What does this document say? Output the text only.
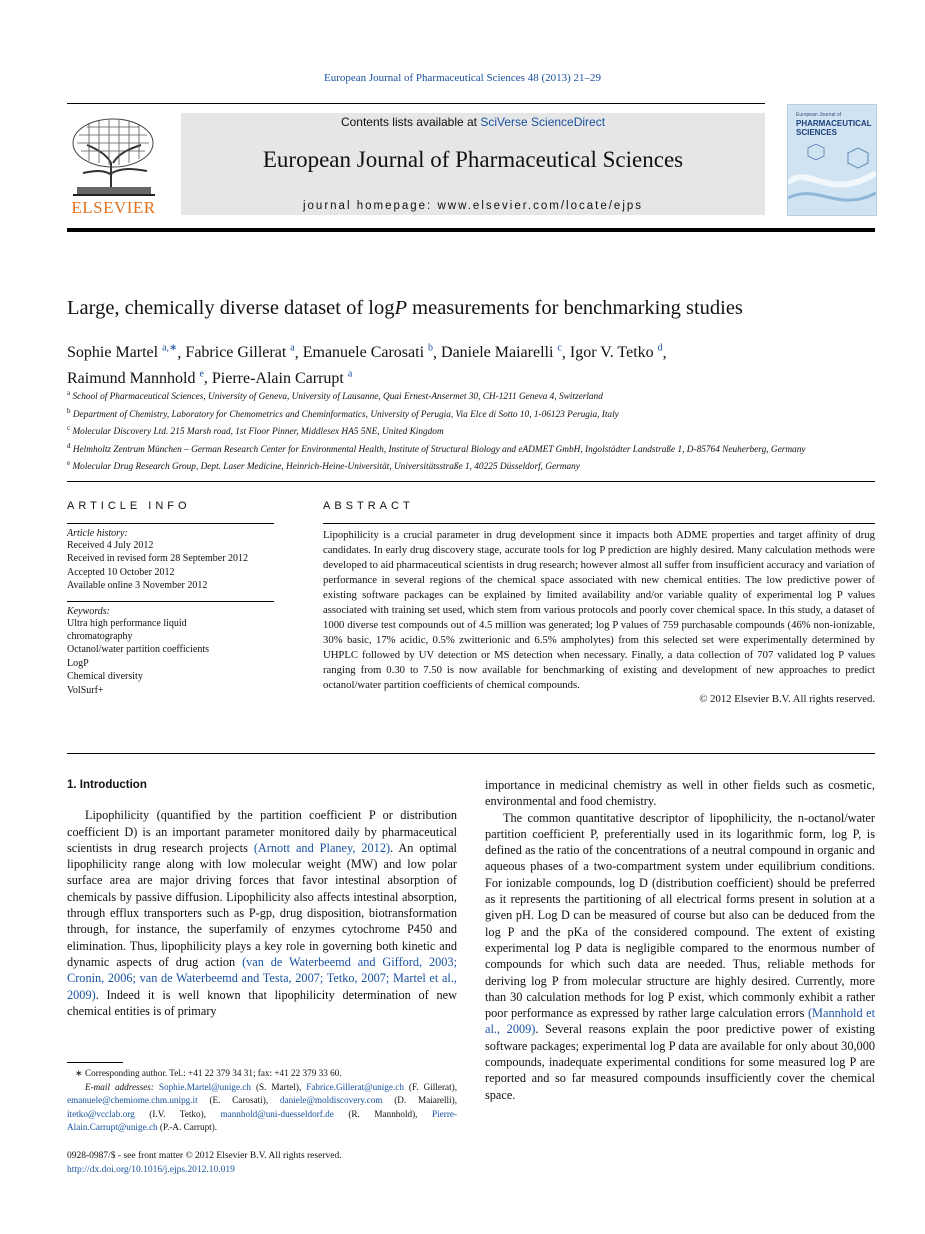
European Journal of Pharmaceutical Sciences 48 (2013) 21–29
ELSEVIER
Contents lists available at SciVerse ScienceDirect
European Journal of Pharmaceutical Sciences
journal homepage: www.elsevier.com/locate/ejps
European Journal of
PHARMACEUTICAL SCIENCES
Large, chemically diverse dataset of logP measurements for benchmarking studies
Sophie Martel $^{a,∗}$, Fabrice Gillerat $^a$, Emanuele Carosati $^b$, Daniele Maiarelli $^c$, Igor V. Tetko $^d$,
Raimund Mannhold $^e$, Pierre-Alain Carrupt $^a$
$^a$ School of Pharmaceutical Sciences, University of Geneva, University of Lausanne, Quai Ernest-Ansermet 30, CH-1211 Geneva 4, Switzerland
$^b$ Department of Chemistry, Laboratory for Chemometrics and Cheminformatics, University of Perugia, Via Elce di Sotto 10, 1-06123 Perugia, Italy
$^c$ Molecular Discovery Ltd. 215 Marsh road, 1st Floor Pinner, Middlesex HA5 5NE, United Kingdom
$^d$ Helmholtz Zentrum München – German Research Center for Environmental Health, Institute of Structural Biology and eADMET GmbH, Ingolstädter Landstraße 1, D-85764 Neuherberg, Germany
$^e$ Molecular Drug Research Group, Dept. Laser Medicine, Heinrich-Heine-Universität, Universitätsstraße 1, 40225 Düsseldorf, Germany
ARTICLE INFO
Article history:
Received 4 July 2012
Received in revised form 28 September 2012
Accepted 10 October 2012
Available online 3 November 2012
Keywords:
Ultra high performance liquid chromatography
Octanol/water partition coefficients
LogP
Chemical diversity
VolSurf+
ABSTRACT

Lipophilicity is a crucial parameter in drug development since it impacts both ADME properties and target affinity of drug candidates. In early drug discovery stage, accurate tools for log P prediction are highly desired. Many calculation methods were developed to aid pharmaceutical scientists in drug research; however almost all suffer from insufficient accuracy and variation of performance in several regions of the chemical space associated with new chemical entities. The low predictive power of existing software packages can be explained by limited availability and/or variable quality of experimental log P values associated with training set used, which stem from various protocols and poorly cover chemical space. In this study, a dataset of 1000 diverse test compounds out of 4.5 million was generated; log P values of 759 purchasable compounds (46% non-ionizable, 30% basic, 17% acidic, 0.5% zwitterionic and 6.5% ampholytes) from this selected set were experimentally determined by UHPLC followed by UV detection or MS detection when necessary. Finally, a data collection of 707 validated log P values ranging from 0.30 to 7.50 is now available for benchmarking of existing and development of new approaches to predict octanol/water partition coefficients of chemical compounds.

© 2012 Elsevier B.V. All rights reserved.
1. Introduction

Lipophilicity (quantified by the partition coefficient P or distribution coefficient D) is an important parameter monitored daily by pharmaceutical scientists in drug research projects (Arnott and Planey, 2012). An optimal lipophilicity range along with low molecular weight (MW) and low polar surface area are major driving forces that favor intestinal absorption of chemicals by passive diffusion. Lipophilicity also affects intestinal absorption, through efflux transporters such as P-gp, drug disposition, biotransformation through, for instance, the superfamily of enzymes cytochrome P450 and elimination. Thus, lipophilicity plays a key role in governing both kinetic and dynamic aspects of drug action (van de Waterbeemd and Gifford, 2003; Cronin, 2006; van de Waterbeemd and Testa, 2007; Tetko, 2007; Martel et al., 2009). Indeed it is well known that lipophilicity determination of new chemical entities is of primary

∗ Corresponding author. Tel.: +41 22 379 34 31; fax: +41 22 379 33 60.
E-mail addresses: Sophie.Martel@unige.ch (S. Martel), Fabrice.Gillerat@unige.ch (F. Gillerat), emanuele@chemiome.chm.unipg.it (E. Carosati), daniele@moldiscovery.com (D. Maiarelli), itetko@vcclab.org (I.V. Tetko), mannhold@uni-duesseldorf.de (R. Mannhold), Pierre-Alain.Carrupt@unige.ch (P.-A. Carrupt).
importance in medicinal chemistry as well in other fields such as cosmetic, environmental and food chemistry.

The common quantitative descriptor of lipophilicity, the n-octanol/water partition coefficient P, preferentially used in its logarithmic form, log P, is defined as the ratio of the concentrations of a neutral compound in organic and aqueous phases of a two-compartment system under equilibrium conditions. For ionizable compounds, log D (distribution coefficient) should be preferred as it represents the partitioning of all electrical forms present in solution at a given pH. Log D can be measured of course but also can be deduced from the log P and the pKa of the considered compound. The extent of existing experimental log P data is negligible compared to the enormous number of compounds for which such data are needed. Thus, reliable methods for deriving log P from molecular structure are highly desired. Currently, more than 30 calculation methods for log P exist, which commonly exhibit a rather poor performance as expressed by rather large calculation errors (Mannhold et al., 2009). Several reasons explain the poor predictive power of existing software packages; experimental log P data are available for only about 30,000 compounds, inadequate experimental conditions for some measured log P are reported and so far measured compounds insufficiently cover the chemical space.

0928-0987/$ - see front matter © 2012 Elsevier B.V. All rights reserved.
http://dx.doi.org/10.1016/j.ejps.2012.10.019
